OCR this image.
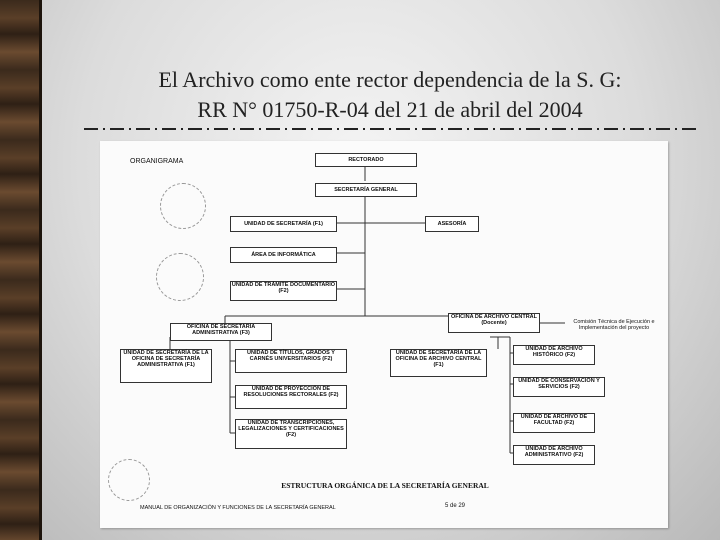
El Archivo como ente rector dependencia de la S. G:
RR N° 01750-R-04 del 21 de abril del 2004
ORGANIGRAMA	RECTORADO
SECRETARÍA GENERAL
UNIDAD DE SECRETARÍA (F1)	ASESORÍA
ÁREA DE INFORMÁTICA
UNIDAD DE TRÁMITE DOCUMENTARIO (F2)
OFICINA DE SECRETARÍA ADMINISTRATIVA (F3)
OFICINA DE ARCHIVO CENTRAL (Docente)	Comisión Técnica de Ejecución e Implementación del proyecto
UNIDAD DE SECRETARÍA DE LA OFICINA DE SECRETARÍA ADMINISTRATIVA (F1)
UNIDAD DE TÍTULOS, GRADOS Y CARNÉS UNIVERSITARIOS (F2)
UNIDAD DE PROYECCIÓN DE RESOLUCIONES RECTORALES (F2)
UNIDAD DE TRANSCRIPCIONES, LEGALIZACIONES Y CERTIFICACIONES (F2)
UNIDAD DE SECRETARÍA DE LA OFICINA DE ARCHIVO CENTRAL (F1)
UNIDAD DE ARCHIVO HISTÓRICO (F2)
UNIDAD DE CONSERVACIÓN Y SERVICIOS (F2)
UNIDAD DE ARCHIVO DE FACULTAD (F2)
UNIDAD DE ARCHIVO ADMINISTRATIVO (F2)
ESTRUCTURA ORGÁNICA DE LA SECRETARÍA GENERAL
MANUAL DE ORGANIZACIÓN Y FUNCIONES DE LA SECRETARÍA GENERAL	5 de 29
